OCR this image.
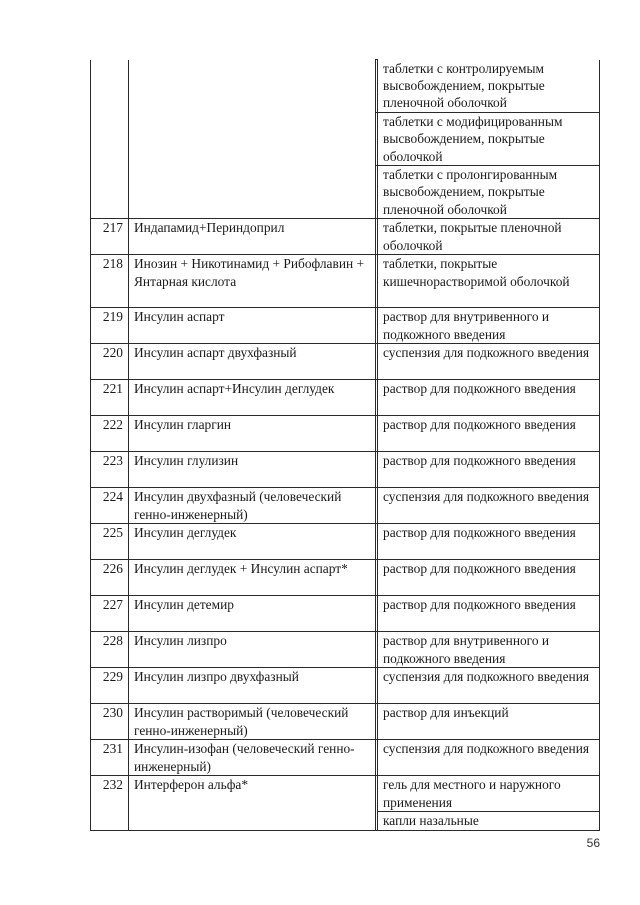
			таблетки с контролируемым высвобождением, покрытые пленочной оболочкой
			таблетки с модифицированным высвобождением, покрытые оболочкой
			таблетки с пролонгированным высвобождением, покрытые пленочной оболочкой
217	Индапамид+Периндоприл		таблетки, покрытые пленочной оболочкой
218	Инозин + Никотинамид + Рибофлавин + Янтарная кислота		таблетки, покрытые кишечнорастворимой оболочкой
219	Инсулин аспарт		раствор для внутривенного и подкожного введения
220	Инсулин аспарт двухфазный		суспензия для подкожного введения
221	Инсулин аспарт+Инсулин деглудек		раствор для подкожного введения
222	Инсулин гларгин		раствор для подкожного введения
223	Инсулин глулизин		раствор для подкожного введения
224	Инсулин двухфазный (человеческий генно-инженерный)		суспензия для подкожного введения
225	Инсулин деглудек		раствор для подкожного введения
226	Инсулин деглудек + Инсулин аспарт*		раствор для подкожного введения
227	Инсулин детемир		раствор для подкожного введения
228	Инсулин лизпро		раствор для внутривенного и подкожного введения
229	Инсулин лизпро двухфазный		суспензия для подкожного введения
230	Инсулин растворимый (человеческий генно-инженерный)		раствор для инъекций
231	Инсулин-изофан (человеческий генно-инженерный)		суспензия для подкожного введения
232	Интерферон альфа*		гель для местного и наружного применения
			капли назальные
56
